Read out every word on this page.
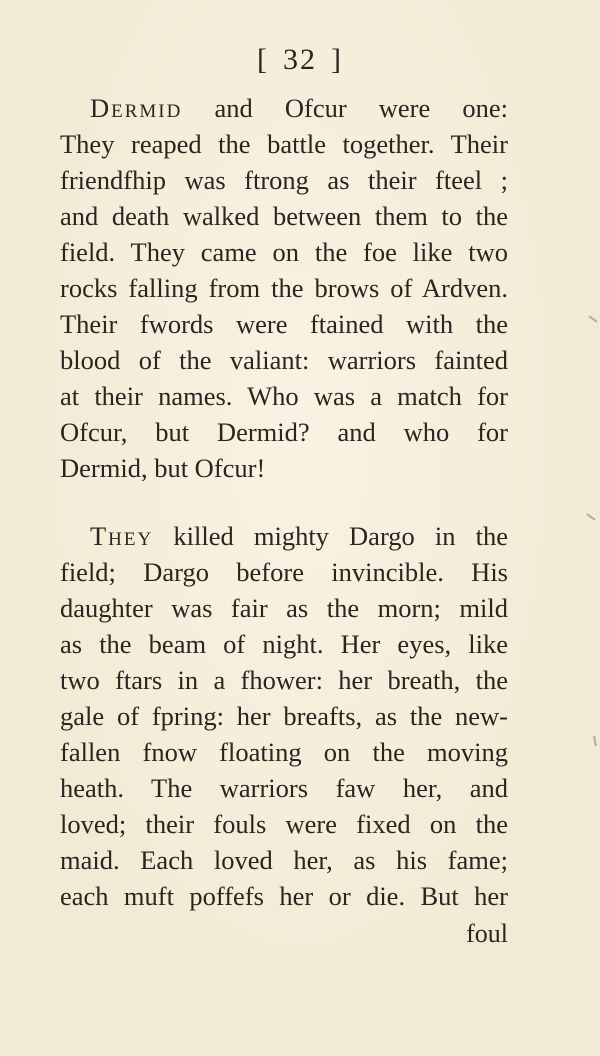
[ 32 ]
Dermid and Ofcur were one:
They reaped the battle together. Their
friendfhip was ftrong as their fteel ;
and death walked between them to the
field. They came on the foe like two
rocks falling from the brows of Ardven.
Their fwords were ftained with the
blood of the valiant: warriors fainted
at their names. Who was a match for
Ofcur, but Dermid? and who for
Dermid, but Ofcur!
They killed mighty Dargo in the
field; Dargo before invincible. His
daughter was fair as the morn; mild
as the beam of night. Her eyes, like
two ftars in a fhower: her breath, the
gale of fpring: her breafts, as the new-
fallen fnow floating on the moving
heath. The warriors faw her, and
loved; their fouls were fixed on the
maid. Each loved her, as his fame;
each muft poffefs her or die. But her
foul
